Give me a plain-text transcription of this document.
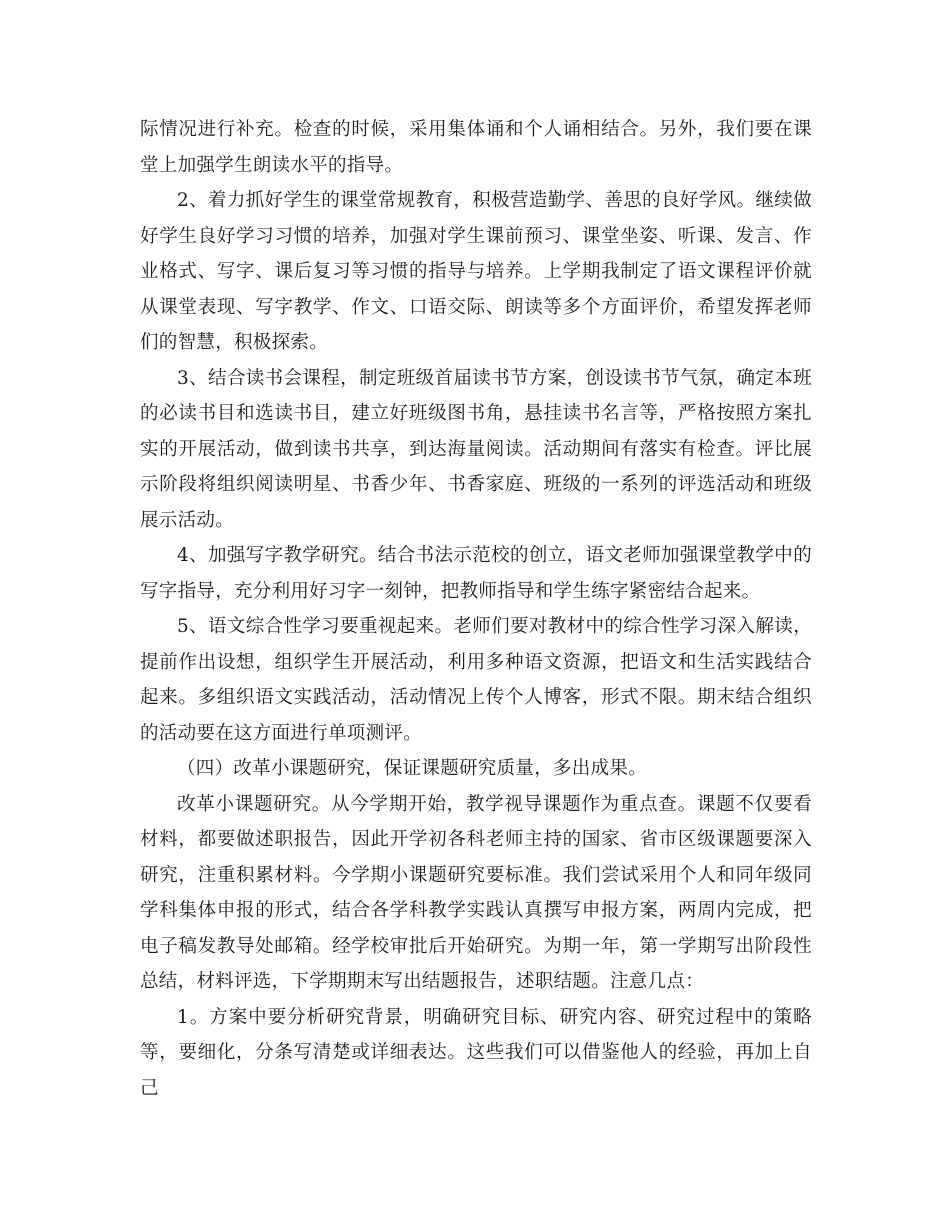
际情况进行补充。检查的时候，采用集体诵和个人诵相结合。另外，我们要在课堂上加强学生朗读水平的指导。

2、着力抓好学生的课堂常规教育，积极营造勤学、善思的良好学风。继续做好学生良好学习习惯的培养，加强对学生课前预习、课堂坐姿、听课、发言、作业格式、写字、课后复习等习惯的指导与培养。上学期我制定了语文课程评价就从课堂表现、写字教学、作文、口语交际、朗读等多个方面评价，希望发挥老师们的智慧，积极探索。

3、结合读书会课程，制定班级首届读书节方案，创设读书节气氛，确定本班的必读书目和选读书目，建立好班级图书角，悬挂读书名言等，严格按照方案扎实的开展活动，做到读书共享，到达海量阅读。活动期间有落实有检查。评比展示阶段将组织阅读明星、书香少年、书香家庭、班级的一系列的评选活动和班级展示活动。

4、加强写字教学研究。结合书法示范校的创立，语文老师加强课堂教学中的写字指导，充分利用好习字一刻钟，把教师指导和学生练字紧密结合起来。

5、语文综合性学习要重视起来。老师们要对教材中的综合性学习深入解读，提前作出设想，组织学生开展活动，利用多种语文资源，把语文和生活实践结合起来。多组织语文实践活动，活动情况上传个人博客，形式不限。期末结合组织的活动要在这方面进行单项测评。

（四）改革小课题研究，保证课题研究质量，多出成果。

改革小课题研究。从今学期开始，教学视导课题作为重点查。课题不仅要看材料，都要做述职报告，因此开学初各科老师主持的国家、省市区级课题要深入研究，注重积累材料。今学期小课题研究要标准。我们尝试采用个人和同年级同学科集体申报的形式，结合各学科教学实践认真撰写申报方案，两周内完成，把电子稿发教导处邮箱。经学校审批后开始研究。为期一年，第一学期写出阶段性总结，材料评选，下学期期末写出结题报告，述职结题。注意几点：

1。方案中要分析研究背景，明确研究目标、研究内容、研究过程中的策略等，要细化，分条写清楚或详细表达。这些我们可以借鉴他人的经验，再加上自己
